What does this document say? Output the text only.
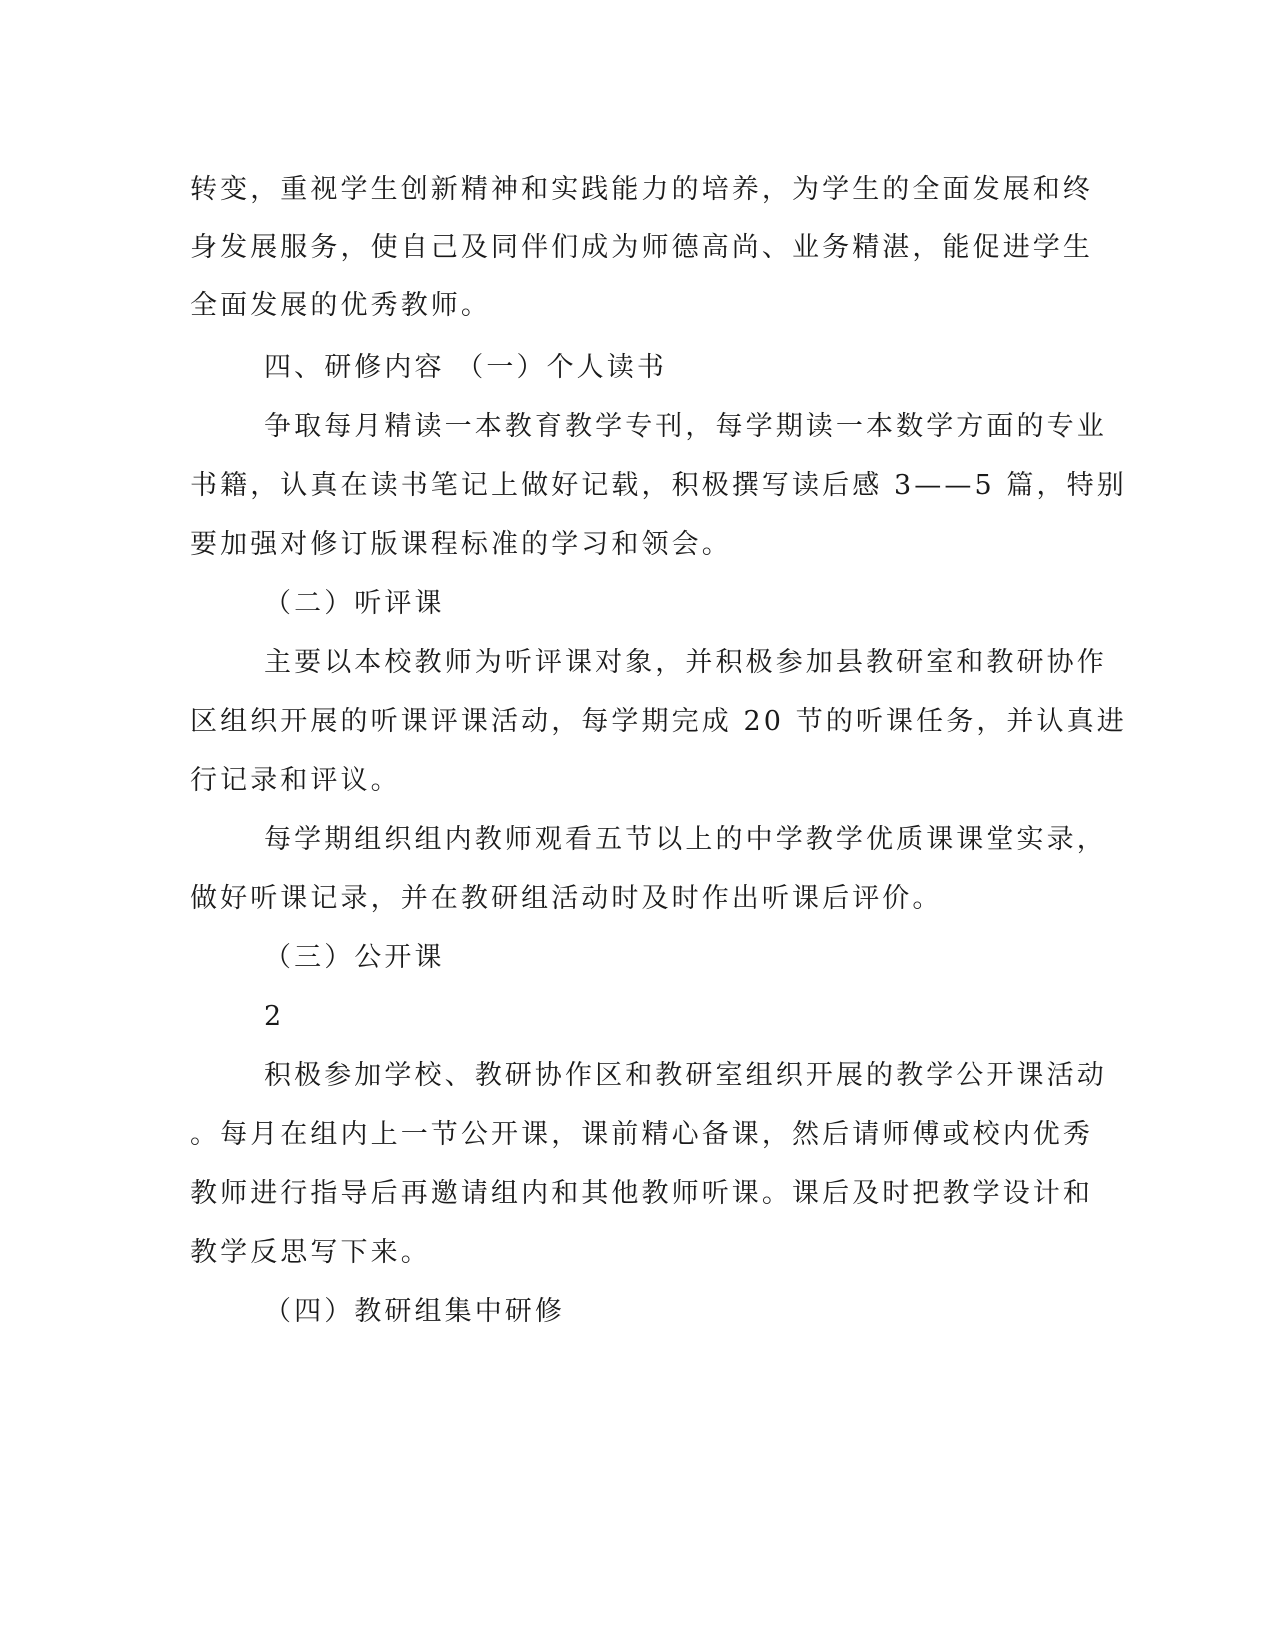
转变，重视学生创新精神和实践能力的培养，为学生的全面发展和终
身发展服务，使自己及同伴们成为师德高尚、业务精湛，能促进学生
全面发展的优秀教师。
四、研修内容 （一）个人读书
争取每月精读一本教育教学专刊，每学期读一本数学方面的专业
书籍，认真在读书笔记上做好记载，积极撰写读后感 3——5 篇，特别
要加强对修订版课程标准的学习和领会。
（二）听评课
主要以本校教师为听评课对象，并积极参加县教研室和教研协作
区组织开展的听课评课活动，每学期完成 20 节的听课任务，并认真进
行记录和评议。
每学期组织组内教师观看五节以上的中学教学优质课课堂实录，
做好听课记录，并在教研组活动时及时作出听课后评价。
（三）公开课
2
积极参加学校、教研协作区和教研室组织开展的教学公开课活动
。每月在组内上一节公开课，课前精心备课，然后请师傅或校内优秀
教师进行指导后再邀请组内和其他教师听课。课后及时把教学设计和
教学反思写下来。
（四）教研组集中研修
